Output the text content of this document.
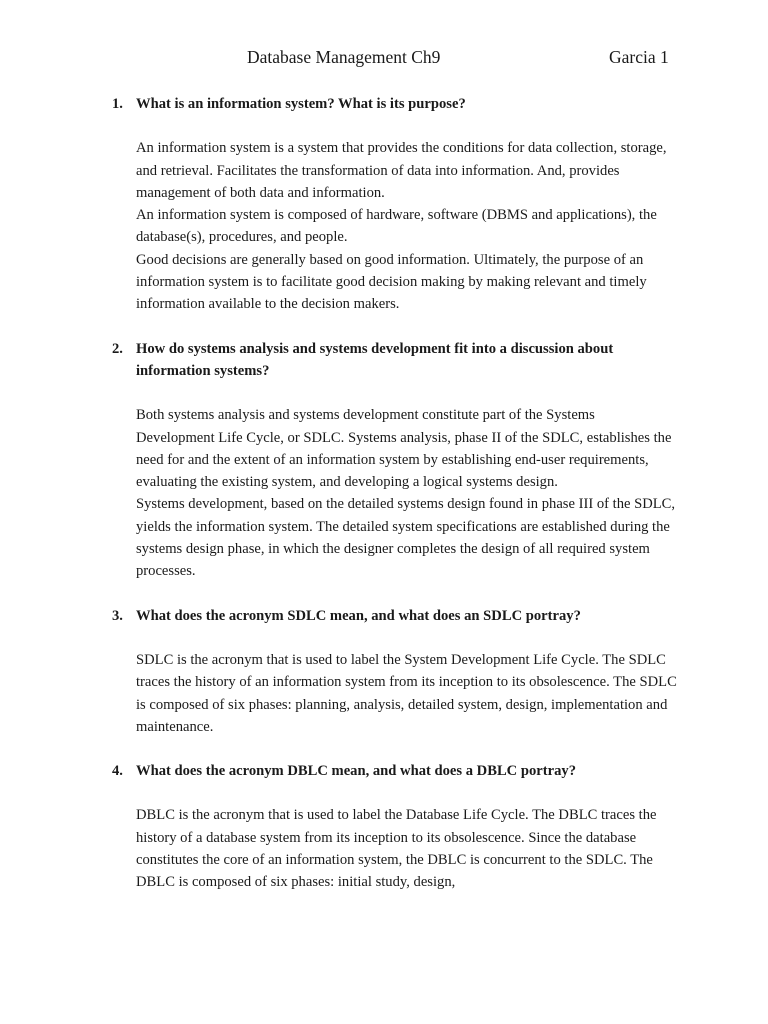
Database Management Ch9	Garcia 1
1. What is an information system? What is its purpose?

An information system is a system that provides the conditions for data collection, storage, and retrieval. Facilitates the transformation of data into information. And, provides management of both data and information.

An information system is composed of hardware, software (DBMS and applications), the database(s), procedures, and people.

Good decisions are generally based on good information. Ultimately, the purpose of an information system is to facilitate good decision making by making relevant and timely information available to the decision makers.

2. How do systems analysis and systems development fit into a discussion about information systems?

Both systems analysis and systems development constitute part of the Systems Development Life Cycle, or SDLC. Systems analysis, phase II of the SDLC, establishes the need for and the extent of an information system by establishing end-user requirements, evaluating the existing system, and developing a logical systems design.

Systems development, based on the detailed systems design found in phase III of the SDLC, yields the information system. The detailed system specifications are established during the systems design phase, in which the designer completes the design of all required system processes.

3. What does the acronym SDLC mean, and what does an SDLC portray?

SDLC is the acronym that is used to label the System Development Life Cycle. The SDLC traces the history of an information system from its inception to its obsolescence. The SDLC is composed of six phases: planning, analysis, detailed system, design, implementation and maintenance.

4. What does the acronym DBLC mean, and what does a DBLC portray?

DBLC is the acronym that is used to label the Database Life Cycle. The DBLC traces the history of a database system from its inception to its obsolescence. Since the database constitutes the core of an information system, the DBLC is concurrent to the SDLC. The DBLC is composed of six phases: initial study, design,
